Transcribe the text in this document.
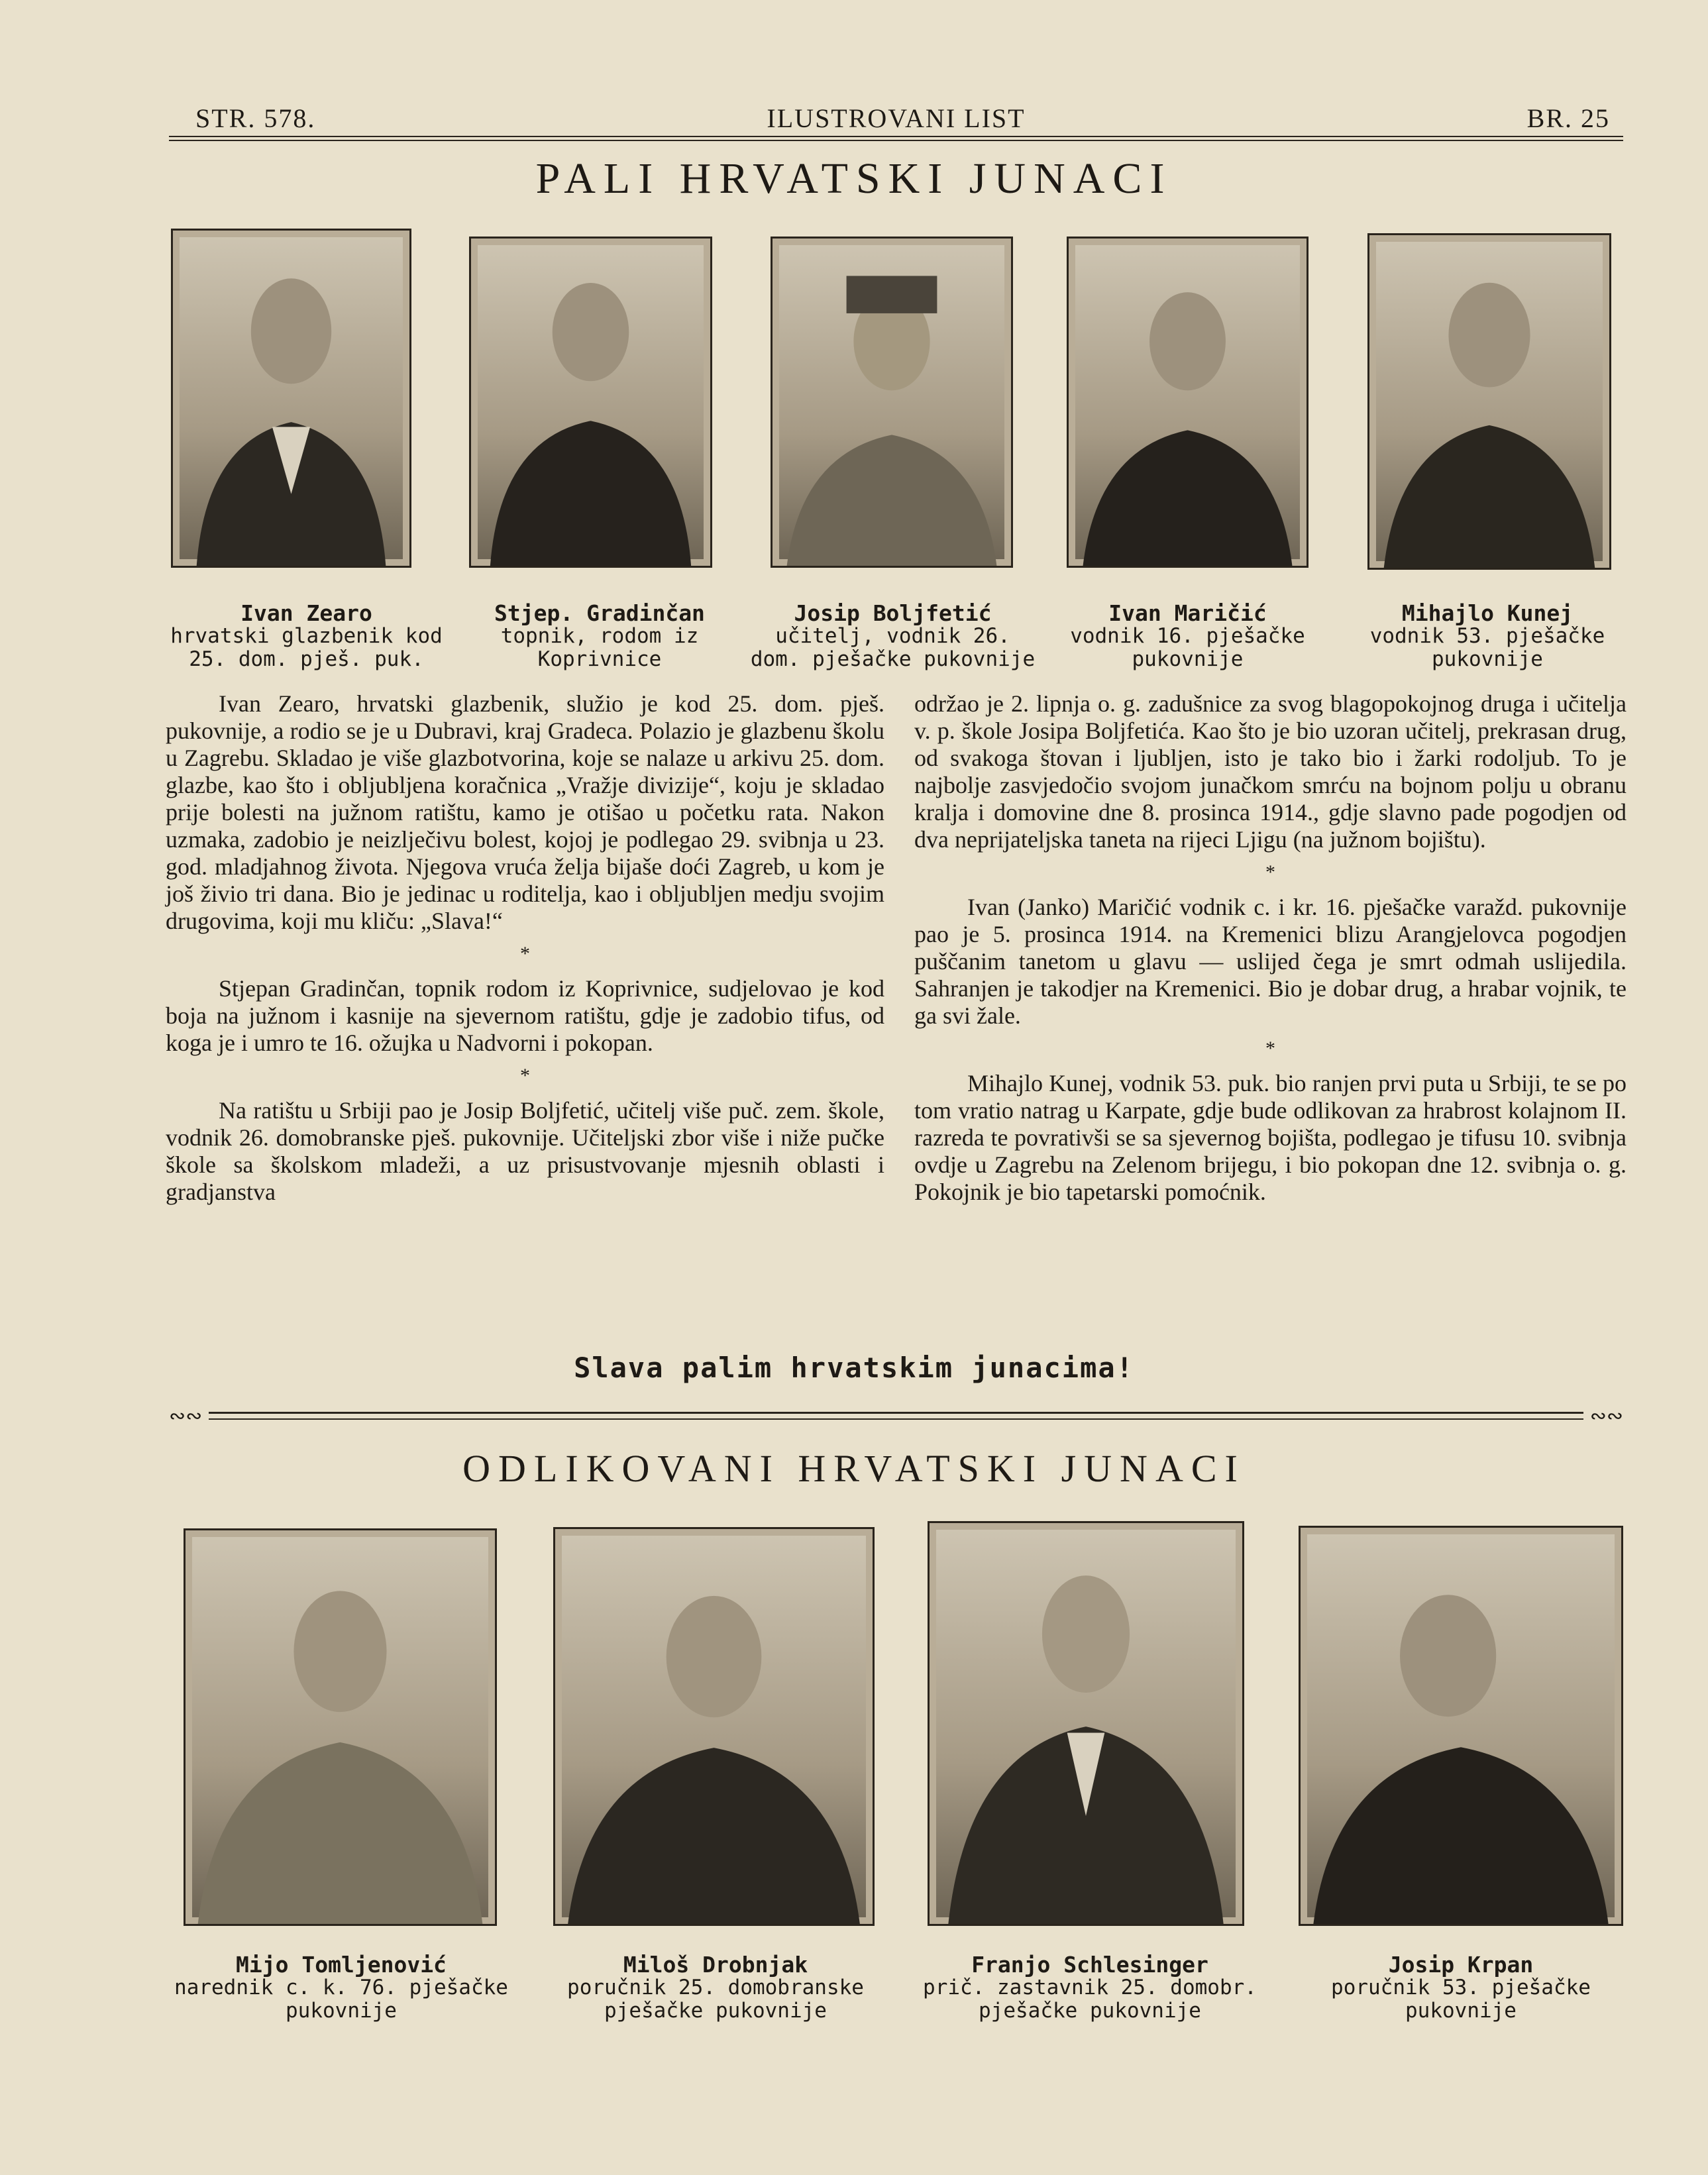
STR. 578.	ILUSTROVANI LIST	BR. 25
PALI HRVATSKI JUNACI
Ivan Zearo
hrvatski glazbenik kod 25. dom. pješ. puk.
Stjep. Gradinčan
topnik, rodom iz Koprivnice
Josip Boljfetić
učitelj, vodnik 26. dom. pješačke pukovnije
Ivan Maričić
vodnik 16. pješačke pukovnije
Mihajlo Kunej
vodnik 53. pješačke pukovnije

Ivan Zearo, hrvatski glazbenik, služio je kod 25. dom. pješ. pukovnije, a rodio se je u Dubravi, kraj Gradeca. Polazio je glazbenu školu u Zagrebu. Skladao je više glazbotvorina, koje se nalaze u arkivu 25. dom. glazbe, kao što i obljubljena koračnica „Vražje divizije“, koju je skladao prije bolesti na južnom ratištu, kamo je otišao u početku rata. Nakon uzmaka, zadobio je neizlječivu bolest, kojoj je podlegao 29. svibnja u 23. god. mladjahnog života. Njegova vruća želja bijaše doći Zagreb, u kom je još živio tri dana. Bio je jedinac u roditelja, kao i obljubljen medju svojim drugovima, koji mu kliču: „Slava!“

*

Stjepan Gradinčan, topnik rodom iz Koprivnice, sudjelovao je kod boja na južnom i kasnije na sjevernom ratištu, gdje je zadobio tifus, od koga je i umro te 16. ožujka u Nadvorni i pokopan.

*

Na ratištu u Srbiji pao je Josip Boljfetić, učitelj više puč. zem. škole, vodnik 26. domobranske pješ. pukovnije. Učiteljski zbor više i niže pučke škole sa školskom mladeži, a uz prisustvovanje mjesnih oblasti i gradjanstva

održao je 2. lipnja o. g. zadušnice za svog blagopokojnog druga i učitelja v. p. škole Josipa Boljfetića. Kao što je bio uzoran učitelj, prekrasan drug, od svakoga štovan i ljubljen, isto je tako bio i žarki rodoljub. To je najbolje zasvjedočio svojom junačkom smrću na bojnom polju u obranu kralja i domovine dne 8. prosinca 1914., gdje slavno pade pogodjen od dva neprijateljska taneta na rijeci Ljigu (na južnom bojištu).

*

Ivan (Janko) Maričić vodnik c. i kr. 16. pješačke varažd. pukovnije pao je 5. prosinca 1914. na Kremenici blizu Arangjelovca pogodjen puščanim tanetom u glavu — uslijed čega je smrt odmah uslijedila. Sahranjen je takodjer na Kremenici. Bio je dobar drug, a hrabar vojnik, te ga svi žale.

*

Mihajlo Kunej, vodnik 53. puk. bio ranjen prvi puta u Srbiji, te se po tom vratio natrag u Karpate, gdje bude odlikovan za hrabrost kolajnom II. razreda te povrativši se sa sjevernog bojišta, podlegao je tifusu 10. svibnja ovdje u Zagrebu na Zelenom brijegu, i bio pokopan dne 12. svibnja o. g. Pokojnik je bio tapetarski pomoćnik.

Slava palim hrvatskim junacima!
∾∾	∾∾
ODLIKOVANI HRVATSKI JUNACI
Mijo Tomljenović
narednik c. k. 76. pješačke pukovnije
Miloš Drobnjak
poručnik 25. domobranske pješačke pukovnije
Franjo Schlesinger
prič. zastavnik 25. domobr. pješačke pukovnije
Josip Krpan
poručnik 53. pješačke pukovnije
